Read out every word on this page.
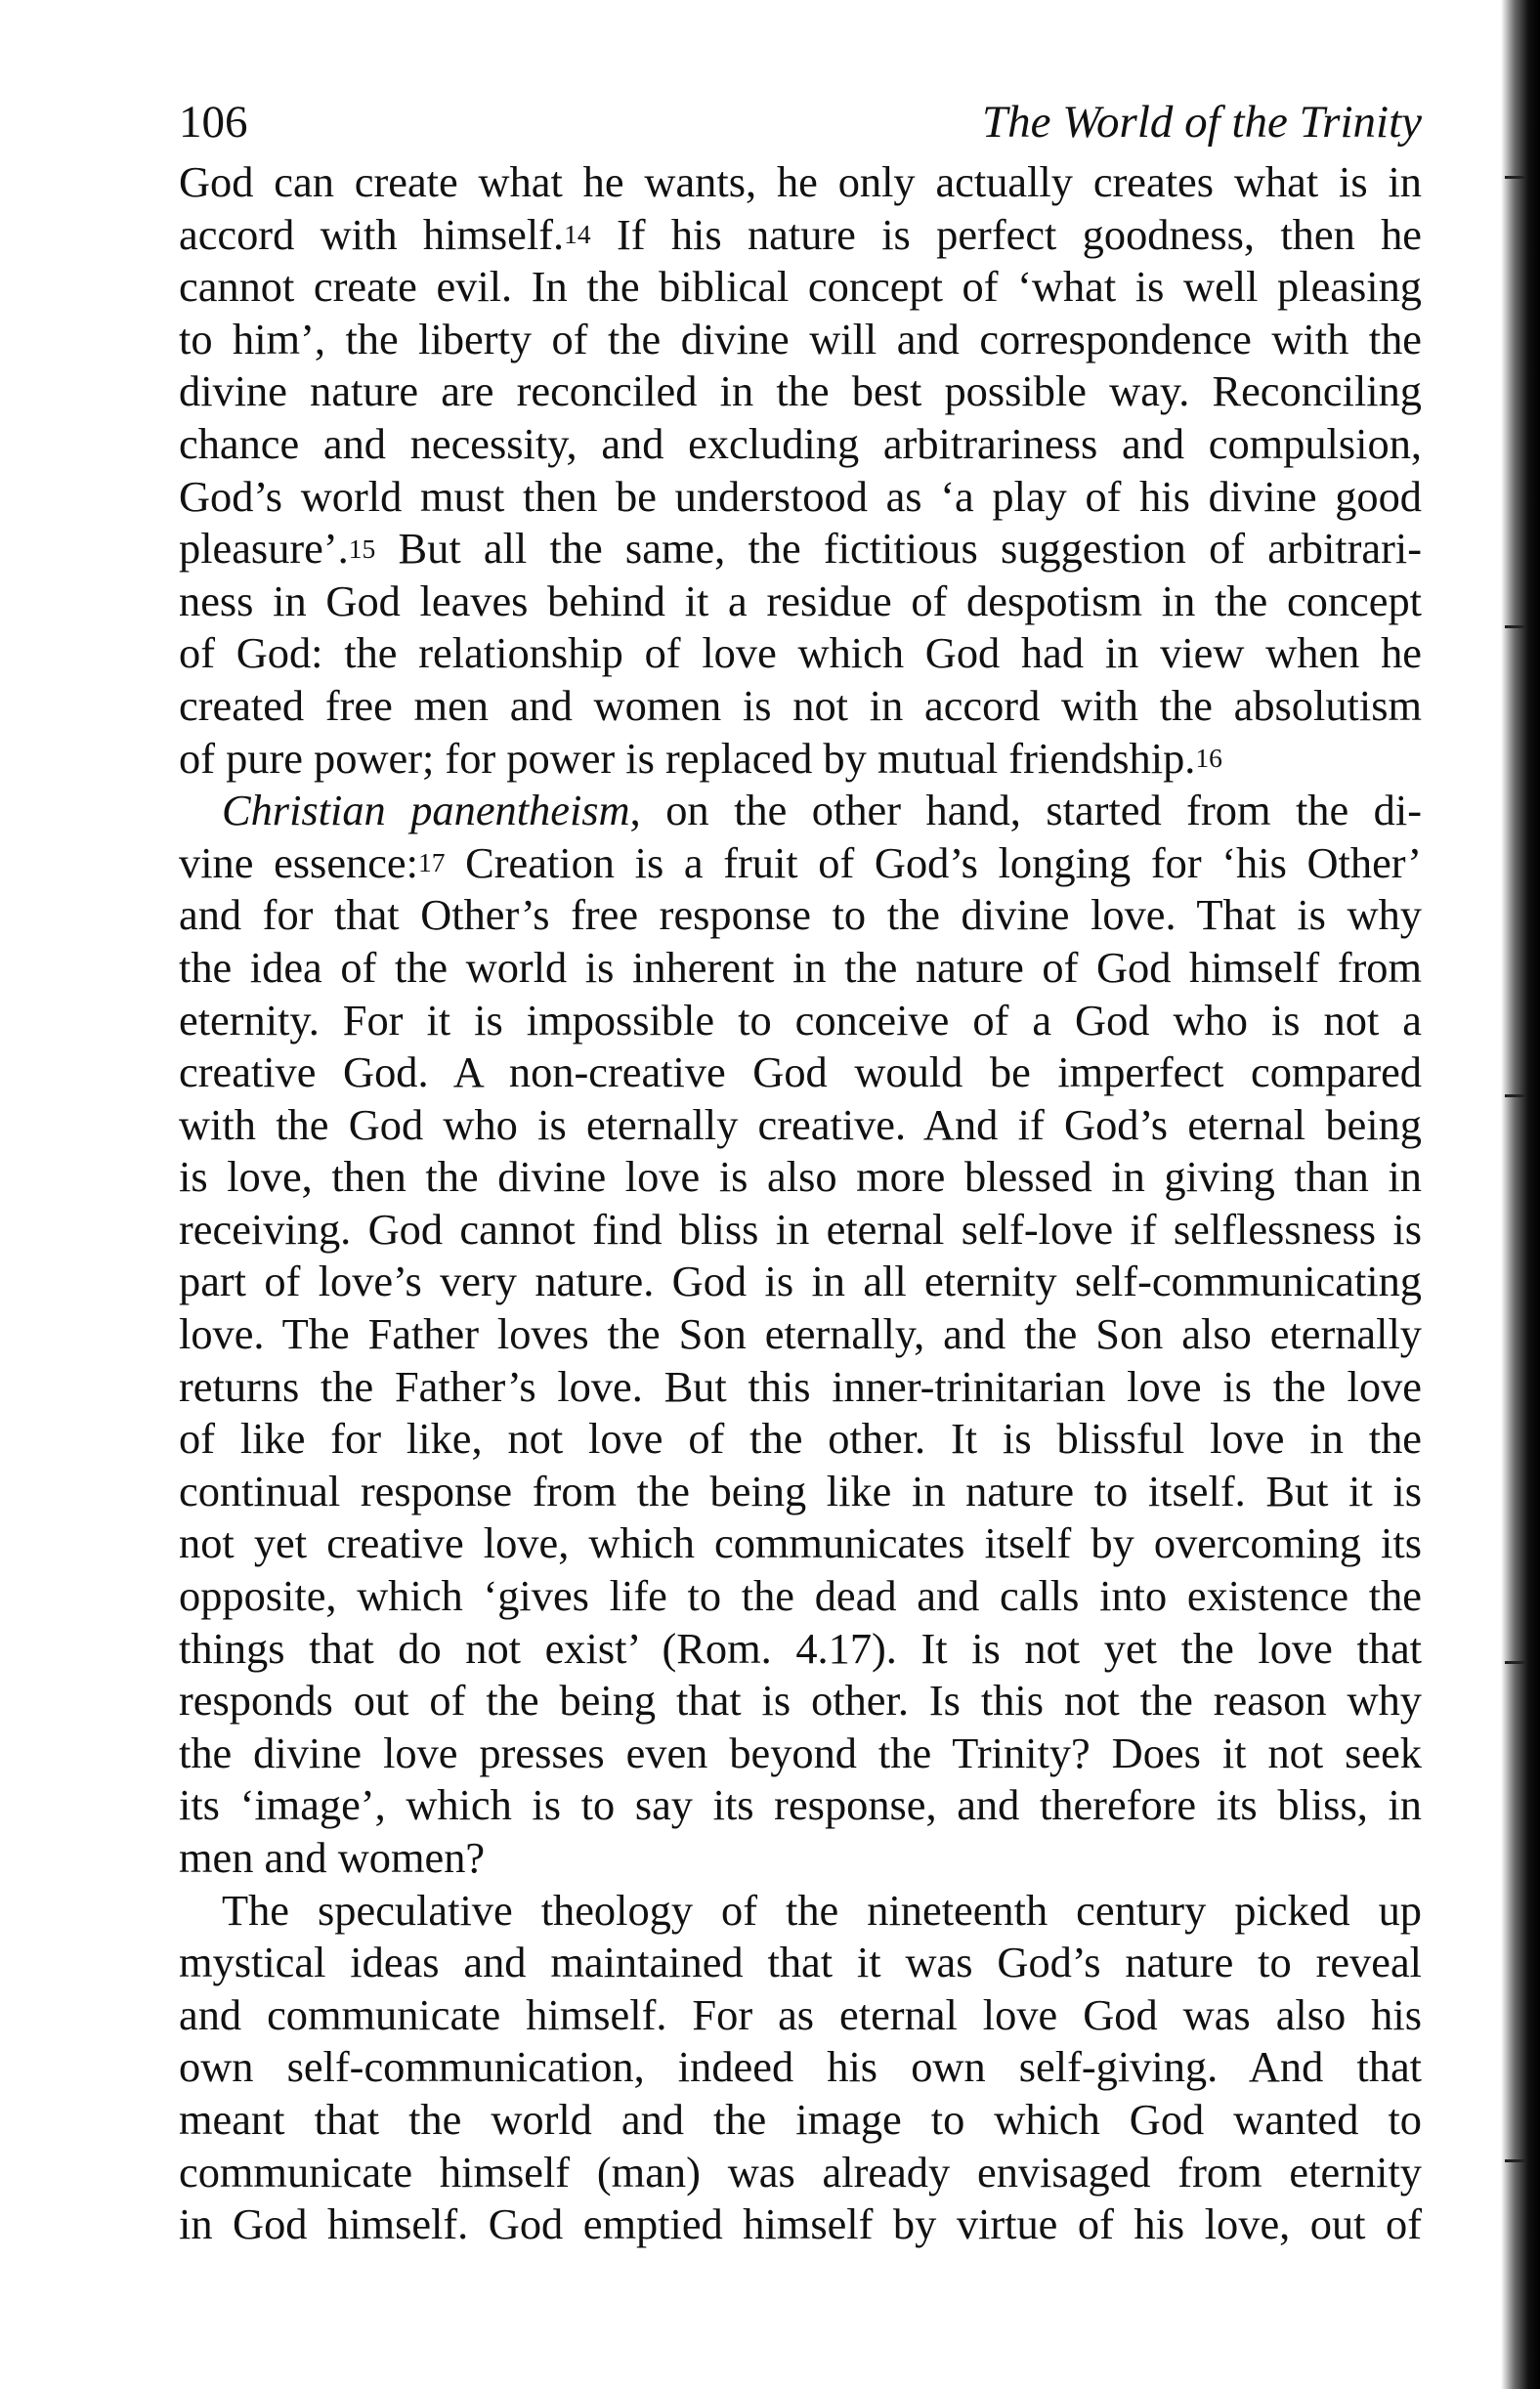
106	The World of the Trinity
God can create what he wants, he only actually creates what is in
accord with himself.$^{14}$ If his nature is perfect goodness, then he
cannot create evil. In the biblical concept of ‘what is well pleasing
to him’, the liberty of the divine will and correspondence with the
divine nature are reconciled in the best possible way. Reconciling
chance and necessity, and excluding arbitrariness and compulsion,
God’s world must then be understood as ‘a play of his divine good
pleasure’.$^{15}$ But all the same, the fictitious suggestion of arbitrari-
ness in God leaves behind it a residue of despotism in the concept
of God: the relationship of love which God had in view when he
created free men and women is not in accord with the absolutism
of pure power; for power is replaced by mutual friendship.$^{16}$
Christian panentheism, on the other hand, started from the di-
vine essence:$^{17}$ Creation is a fruit of God’s longing for ‘his Other’
and for that Other’s free response to the divine love. That is why
the idea of the world is inherent in the nature of God himself from
eternity. For it is impossible to conceive of a God who is not a
creative God. A non-creative God would be imperfect compared
with the God who is eternally creative. And if God’s eternal being
is love, then the divine love is also more blessed in giving than in
receiving. God cannot find bliss in eternal self-love if selflessness is
part of love’s very nature. God is in all eternity self-communicating
love. The Father loves the Son eternally, and the Son also eternally
returns the Father’s love. But this inner-trinitarian love is the love
of like for like, not love of the other. It is blissful love in the
continual response from the being like in nature to itself. But it is
not yet creative love, which communicates itself by overcoming its
opposite, which ‘gives life to the dead and calls into existence the
things that do not exist’ (Rom. 4.17). It is not yet the love that
responds out of the being that is other. Is this not the reason why
the divine love presses even beyond the Trinity? Does it not seek
its ‘image’, which is to say its response, and therefore its bliss, in
men and women?
The speculative theology of the nineteenth century picked up
mystical ideas and maintained that it was God’s nature to reveal
and communicate himself. For as eternal love God was also his
own self-communication, indeed his own self-giving. And that
meant that the world and the image to which God wanted to
communicate himself (man) was already envisaged from eternity
in God himself. God emptied himself by virtue of his love, out of
